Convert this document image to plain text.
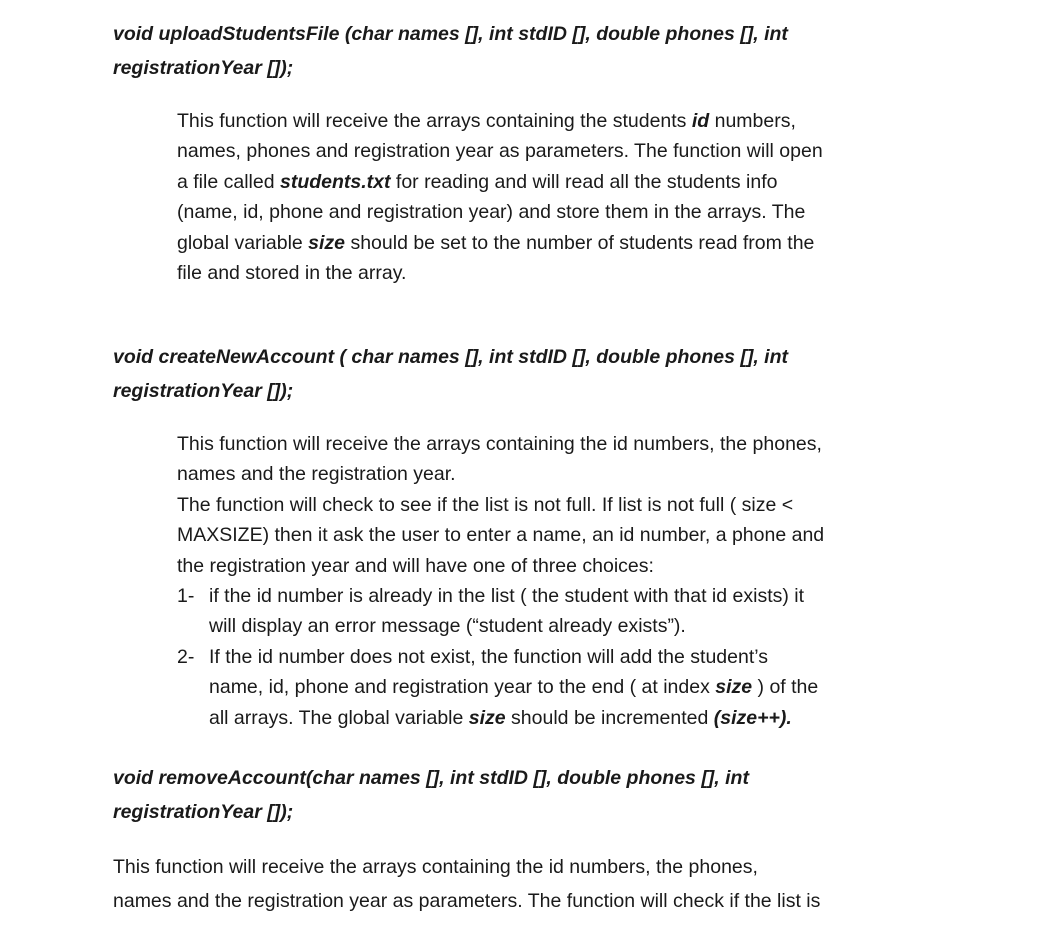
void uploadStudentsFile (char names [], int stdID [], double phones [], int
registrationYear []);
This function will receive the arrays containing the students id numbers,
names, phones and registration year as parameters. The function will open
a file called students.txt for reading and will read all the students info
(name, id, phone and registration year) and store them in the arrays. The
global variable size should be set to the number of students read from the
file and stored in the array.
void createNewAccount ( char names [], int stdID [], double phones [], int
registrationYear []);
This function will receive the arrays containing the id numbers, the phones,
names and the registration year.
The function will check to see if the list is not full. If list is not full ( size <
MAXSIZE) then it ask the user to enter a name, an id number, a phone and
the registration year and will have one of three choices:
1- if the id number is already in the list ( the student with that id exists) it
will display an error message (“student already exists”).
2- If the id number does not exist, the function will add the student’s
name, id, phone and registration year to the end ( at index size ) of the
all arrays. The global variable size should be incremented (size++).
void removeAccount(char names [], int stdID [], double phones [], int
registrationYear []);
This function will receive the arrays containing the id numbers, the phones,
names and the registration year as parameters. The function will check if the list is
